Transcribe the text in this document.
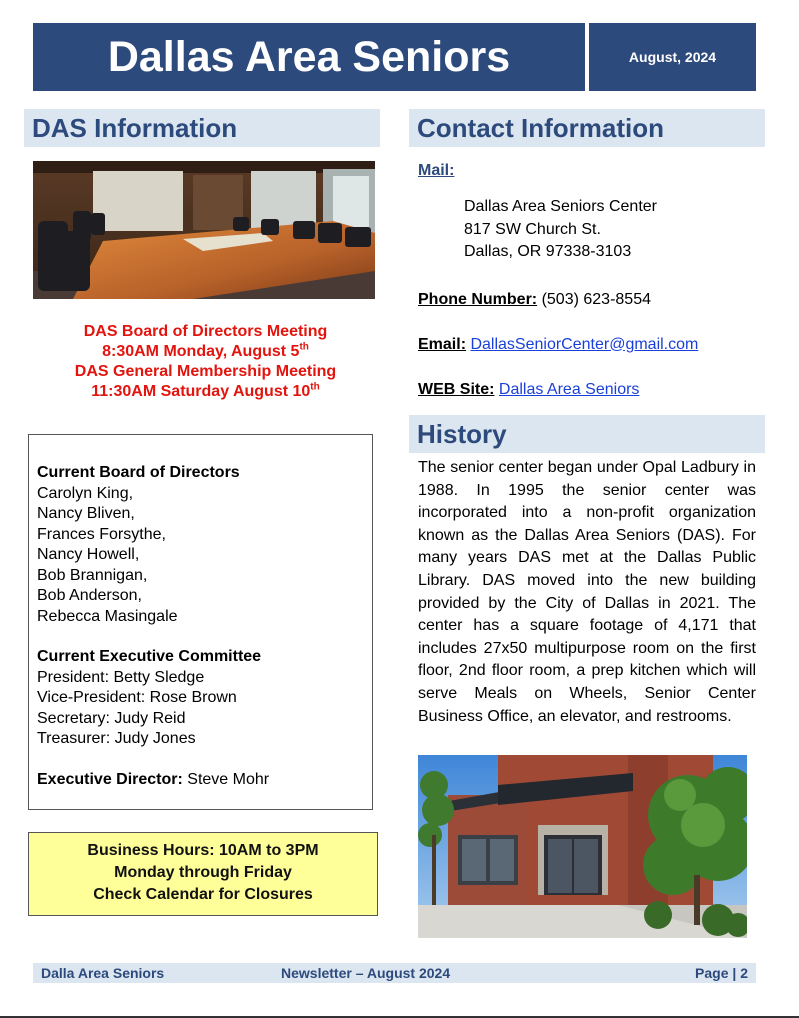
Dallas Area Seniors	August, 2024
DAS Information	Contact Information
DAS Board of Directors Meeting
8:30AM Monday, August 5th
DAS General Membership Meeting
11:30AM Saturday August 10th
Current Board of Directors
Carolyn King,
Nancy Bliven,
Frances Forsythe,
Nancy Howell,
Bob Brannigan,
Bob Anderson,
Rebecca Masingale
Current Executive Committee
President: Betty Sledge
Vice-President: Rose Brown
Secretary: Judy Reid
Treasurer: Judy Jones
Executive Director: Steve Mohr
Business Hours: 10AM to 3PM
Monday through Friday
Check Calendar for Closures
Mail:
Dallas Area Seniors Center
817 SW Church St.
Dallas, OR 97338-3103
Phone Number: (503) 623-8554
Email: DallasSeniorCenter@gmail.com
WEB Site: Dallas Area Seniors
History
The senior center began under Opal Ladbury in 1988. In 1995 the senior center was incorporated into a non-profit organization known as the Dallas Area Seniors (DAS). For many years DAS met at the Dallas Public Library. DAS moved into the new building provided by the City of Dallas in 2021. The center has a square footage of 4,171 that includes 27x50 multipurpose room on the first floor, 2nd floor room, a prep kitchen which will serve Meals on Wheels, Senior Center Business Office, an elevator, and restrooms.
Dalla Area Seniors	Newsletter – August 2024	Page | 2
